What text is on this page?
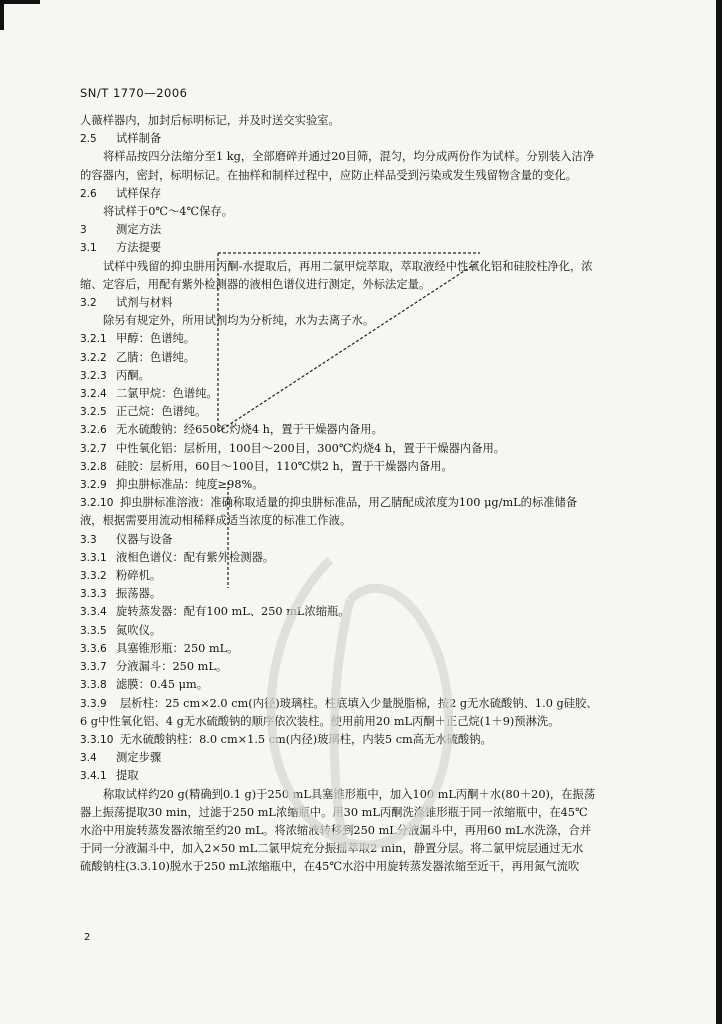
SN/T 1770—2006
人薇样器内，加封后标明标记，并及时送交实验室。
2.5 试样制备
将样品按四分法缩分至1 kg，全部磨碎并通过20目筛，混匀，均分成两份作为试样。分别装入洁净
的容器内，密封，标明标记。在抽样和制样过程中，应防止样品受到污染或发生残留物含量的变化。
2.6 试样保存
将试样于0℃～4℃保存。
3	测定方法
3.1 方法提要
试样中残留的抑虫肼用丙酮-水提取后，再用二氯甲烷萃取，萃取液经中性氧化铝和硅胶柱净化，浓
缩、定容后，用配有紫外检测器的液相色谱仪进行测定，外标法定量。
3.2 试剂与材料
除另有规定外，所用试剂均为分析纯，水为去离子水。
3.2.1 甲醇：色谱纯。
3.2.2 乙腈：色谱纯。
3.2.3 丙酮。
3.2.4 二氯甲烷：色谱纯。
3.2.5 正己烷：色谱纯。
3.2.6 无水硫酸钠：经650℃灼烧4 h，置于干燥器内备用。
3.2.7 中性氧化铝：层析用，100目～200目，300℃灼烧4 h，置于干燥器内备用。
3.2.8 硅胶：层析用，60目～100目，110℃烘2 h，置于干燥器内备用。
3.2.9 抑虫肼标准品：纯度≥98%。
3.2.10 抑虫肼标准溶液：准确称取适量的抑虫肼标准品，用乙腈配成浓度为100 μg/mL的标准储备
液，根据需要用流动相稀释成适当浓度的标准工作液。
3.3 仪器与设备
3.3.1 液相色谱仪：配有紫外检测器。
3.3.2 粉碎机。
3.3.3 振荡器。
3.3.4 旋转蒸发器：配有100 mL、250 mL浓缩瓶。
3.3.5 氮吹仪。
3.3.6 具塞锥形瓶：250 mL。
3.3.7 分液漏斗：250 mL。
3.3.8 滤膜：0.45 μm。
3.3.9 层析柱：25 cm×2.0 cm(内径)玻璃柱。柱底填入少量脱脂棉，按2 g无水硫酸钠、1.0 g硅胶、
6 g中性氧化铝、4 g无水硫酸钠的顺序依次装柱。使用前用20 mL丙酮＋正己烷(1＋9)预淋洗。
3.3.10 无水硫酸钠柱：8.0 cm×1.5 cm(内径)玻璃柱，内装5 cm高无水硫酸钠。
3.4 测定步骤
3.4.1 提取
称取试样约20 g(精确到0.1 g)于250 mL具塞锥形瓶中，加入100 mL丙酮＋水(80＋20)，在振荡
器上振荡提取30 min，过滤于250 mL浓缩瓶中。用30 mL丙酮洗涤锥形瓶于同一浓缩瓶中，在45℃
水浴中用旋转蒸发器浓缩至约20 mL。将浓缩液转移到250 mL分液漏斗中，再用60 mL水洗涤，合并
于同一分液漏斗中，加入2×50 mL二氯甲烷充分振摇萃取2 min，静置分层。将二氯甲烷层通过无水
硫酸钠柱(3.3.10)脱水于250 mL浓缩瓶中，在45℃水浴中用旋转蒸发器浓缩至近干，再用氮气流吹
2
